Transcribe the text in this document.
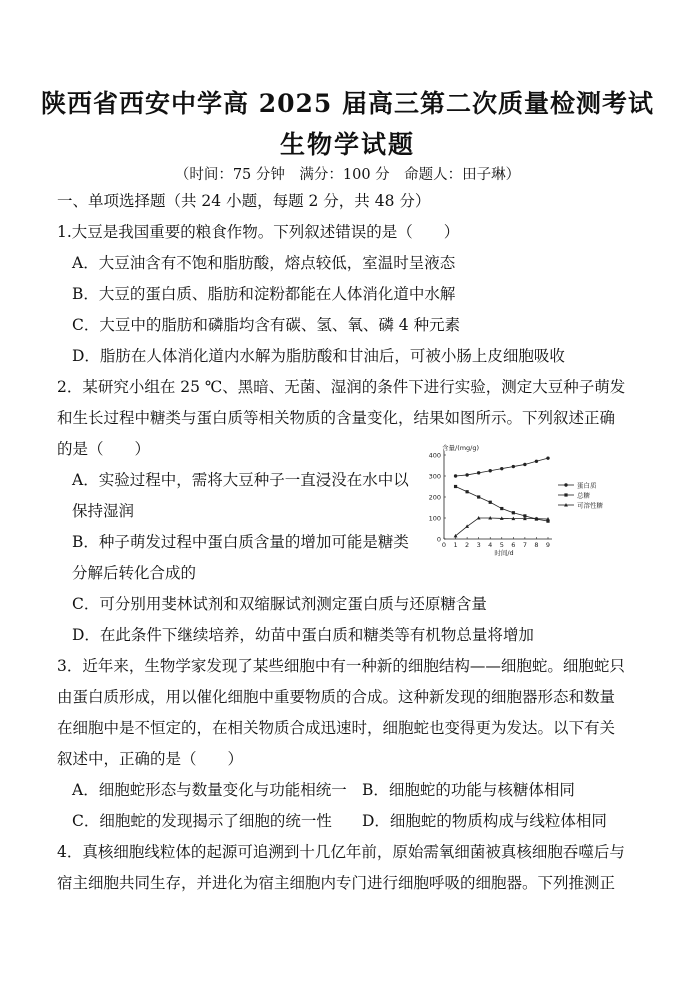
陕西省西安中学高 2025 届高三第二次质量检测考试
生物学试题
（时间：75 分钟　满分：100 分　命题人：田子琳）
一、单项选择题（共 24 小题，每题 2 分，共 48 分）
1.大豆是我国重要的粮食作物。下列叙述错误的是（　　）
A．大豆油含有不饱和脂肪酸，熔点较低，室温时呈液态
B．大豆的蛋白质、脂肪和淀粉都能在人体消化道中水解
C．大豆中的脂肪和磷脂均含有碳、氢、氧、磷 4 种元素
D．脂肪在人体消化道内水解为脂肪酸和甘油后，可被小肠上皮细胞吸收
2．某研究小组在 25 ℃、黑暗、无菌、湿润的条件下进行实验，测定大豆种子萌发
和生长过程中糖类与蛋白质等相关物质的含量变化，结果如图所示。下列叙述正确
的是（　　）
A．实验过程中，需将大豆种子一直浸没在水中以
保持湿润
B．种子萌发过程中蛋白质含量的增加可能是糖类
分解后转化合成的
C．可分别用斐林试剂和双缩脲试剂测定蛋白质与还原糖含量
D．在此条件下继续培养，幼苗中蛋白质和糖类等有机物总量将增加
0
100
200
300
400
0 1 2 3 4 5 6 7 8 9
含量/(mg/g)
时间/d
蛋白质
总糖
可溶性糖
3．近年来，生物学家发现了某些细胞中有一种新的细胞结构——细胞蛇。细胞蛇只
由蛋白质形成，用以催化细胞中重要物质的合成。这种新发现的细胞器形态和数量
在细胞中是不恒定的，在相关物质合成迅速时，细胞蛇也变得更为发达。以下有关
叙述中，正确的是（　　）
A．细胞蛇形态与数量变化与功能相统一 B．细胞蛇的功能与核糖体相同
C．细胞蛇的发现揭示了细胞的统一性 D．细胞蛇的物质构成与线粒体相同
4．真核细胞线粒体的起源可追溯到十几亿年前，原始需氧细菌被真核细胞吞噬后与
宿主细胞共同生存，并进化为宿主细胞内专门进行细胞呼吸的细胞器。下列推测正
